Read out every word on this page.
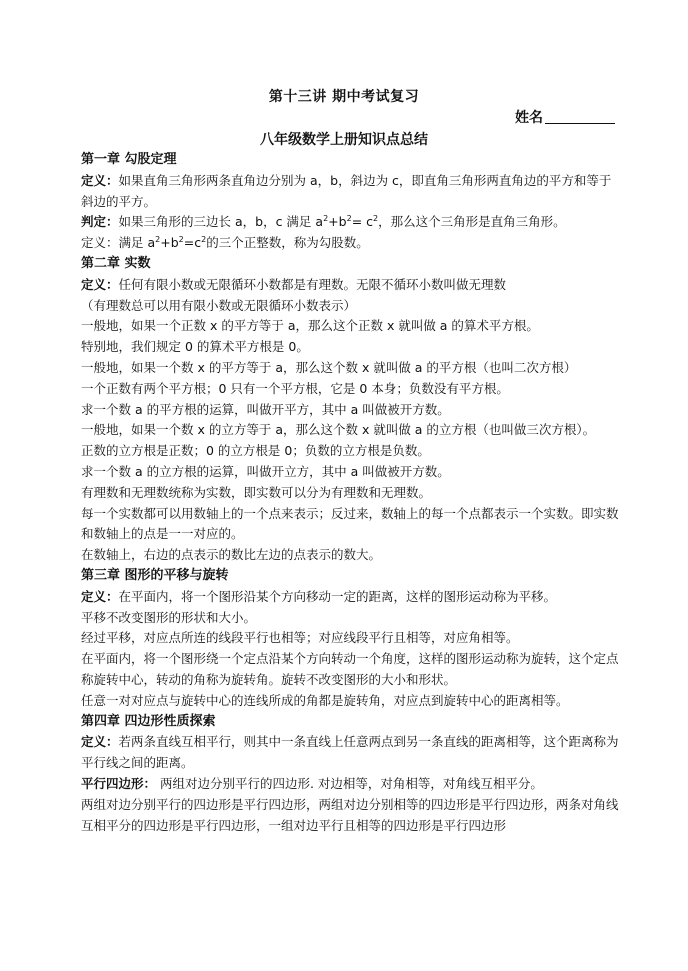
第十三讲 期中考试复习
姓名
八年级数学上册知识点总结

第一章 勾股定理

定义：如果直角三角形两条直角边分别为 a，b，斜边为 c，即直角三角形两直角边的平方和等于斜边的平方。

判定：如果三角形的三边长 a，b，c 满足 $a^2+b^2= c^2$，那么这个三角形是直角三角形。

定义：满足 $a^2+b^2=c^2$的三个正整数，称为勾股数。

第二章 实数

定义：任何有限小数或无限循环小数都是有理数。无限不循环小数叫做无理数

（有理数总可以用有限小数或无限循环小数表示）

一般地，如果一个正数 x 的平方等于 a，那么这个正数 x 就叫做 a 的算术平方根。

特别地，我们规定 0 的算术平方根是 0。

一般地，如果一个数 x 的平方等于 a，那么这个数 x 就叫做 a 的平方根（也叫二次方根）

一个正数有两个平方根；0 只有一个平方根，它是 0 本身；负数没有平方根。

求一个数 a 的平方根的运算，叫做开平方，其中 a 叫做被开方数。

一般地，如果一个数 x 的立方等于 a，那么这个数 x 就叫做 a 的立方根（也叫做三次方根）。

正数的立方根是正数；0 的立方根是 0；负数的立方根是负数。

求一个数 a 的立方根的运算，叫做开立方，其中 a 叫做被开方数。

有理数和无理数统称为实数，即实数可以分为有理数和无理数。

每一个实数都可以用数轴上的一个点来表示；反过来，数轴上的每一个点都表示一个实数。即实数和数轴上的点是一一对应的。

在数轴上，右边的点表示的数比左边的点表示的数大。

第三章 图形的平移与旋转

定义：在平面内，将一个图形沿某个方向移动一定的距离，这样的图形运动称为平移。

平移不改变图形的形状和大小。

经过平移，对应点所连的线段平行也相等；对应线段平行且相等，对应角相等。

在平面内，将一个图形绕一个定点沿某个方向转动一个角度，这样的图形运动称为旋转，这个定点称旋转中心，转动的角称为旋转角。旋转不改变图形的大小和形状。

任意一对对应点与旋转中心的连线所成的角都是旋转角，对应点到旋转中心的距离相等。

第四章 四边形性质探索

定义：若两条直线互相平行，则其中一条直线上任意两点到另一条直线的距离相等，这个距离称为平行线之间的距离。

平行四边形： 两组对边分别平行的四边形. 对边相等，对角相等，对角线互相平分。

两组对边分别平行的四边形是平行四边形，两组对边分别相等的四边形是平行四边形，两条对角线互相平分的四边形是平行四边形，一组对边平行且相等的四边形是平行四边形
